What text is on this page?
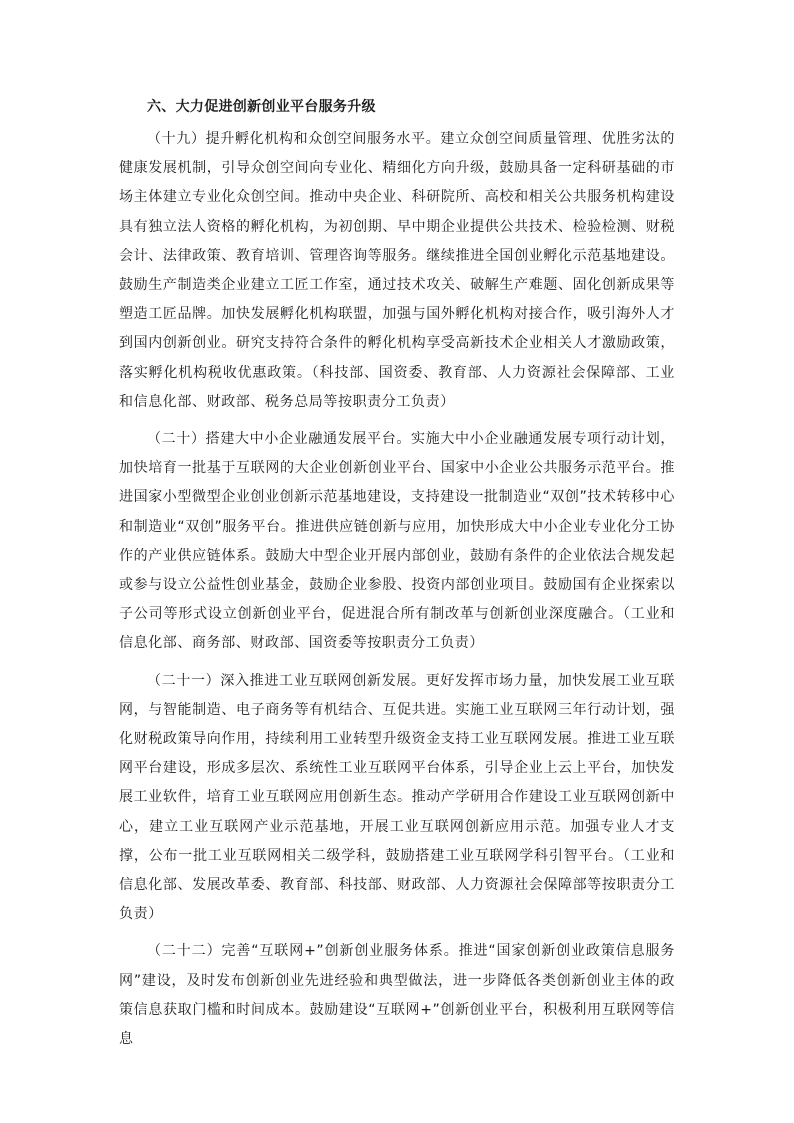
六、大力促进创新创业平台服务升级

（十九）提升孵化机构和众创空间服务水平。建立众创空间质量管理、优胜劣汰的健康发展机制，引导众创空间向专业化、精细化方向升级，鼓励具备一定科研基础的市场主体建立专业化众创空间。推动中央企业、科研院所、高校和相关公共服务机构建设具有独立法人资格的孵化机构，为初创期、早中期企业提供公共技术、检验检测、财税会计、法律政策、教育培训、管理咨询等服务。继续推进全国创业孵化示范基地建设。鼓励生产制造类企业建立工匠工作室，通过技术攻关、破解生产难题、固化创新成果等塑造工匠品牌。加快发展孵化机构联盟，加强与国外孵化机构对接合作，吸引海外人才到国内创新创业。研究支持符合条件的孵化机构享受高新技术企业相关人才激励政策，落实孵化机构税收优惠政策。（科技部、国资委、教育部、人力资源社会保障部、工业和信息化部、财政部、税务总局等按职责分工负责）

（二十）搭建大中小企业融通发展平台。实施大中小企业融通发展专项行动计划，加快培育一批基于互联网的大企业创新创业平台、国家中小企业公共服务示范平台。推进国家小型微型企业创业创新示范基地建设，支持建设一批制造业“双创”技术转移中心和制造业“双创”服务平台。推进供应链创新与应用，加快形成大中小企业专业化分工协作的产业供应链体系。鼓励大中型企业开展内部创业，鼓励有条件的企业依法合规发起或参与设立公益性创业基金，鼓励企业参股、投资内部创业项目。鼓励国有企业探索以子公司等形式设立创新创业平台，促进混合所有制改革与创新创业深度融合。（工业和信息化部、商务部、财政部、国资委等按职责分工负责）

（二十一）深入推进工业互联网创新发展。更好发挥市场力量，加快发展工业互联网，与智能制造、电子商务等有机结合、互促共进。实施工业互联网三年行动计划，强化财税政策导向作用，持续利用工业转型升级资金支持工业互联网发展。推进工业互联网平台建设，形成多层次、系统性工业互联网平台体系，引导企业上云上平台，加快发展工业软件，培育工业互联网应用创新生态。推动产学研用合作建设工业互联网创新中心，建立工业互联网产业示范基地，开展工业互联网创新应用示范。加强专业人才支撑，公布一批工业互联网相关二级学科，鼓励搭建工业互联网学科引智平台。（工业和信息化部、发展改革委、教育部、科技部、财政部、人力资源社会保障部等按职责分工负责）

（二十二）完善“互联网+”创新创业服务体系。推进“国家创新创业政策信息服务网”建设，及时发布创新创业先进经验和典型做法，进一步降低各类创新创业主体的政策信息获取门槛和时间成本。鼓励建设“互联网+”创新创业平台，积极利用互联网等信息
